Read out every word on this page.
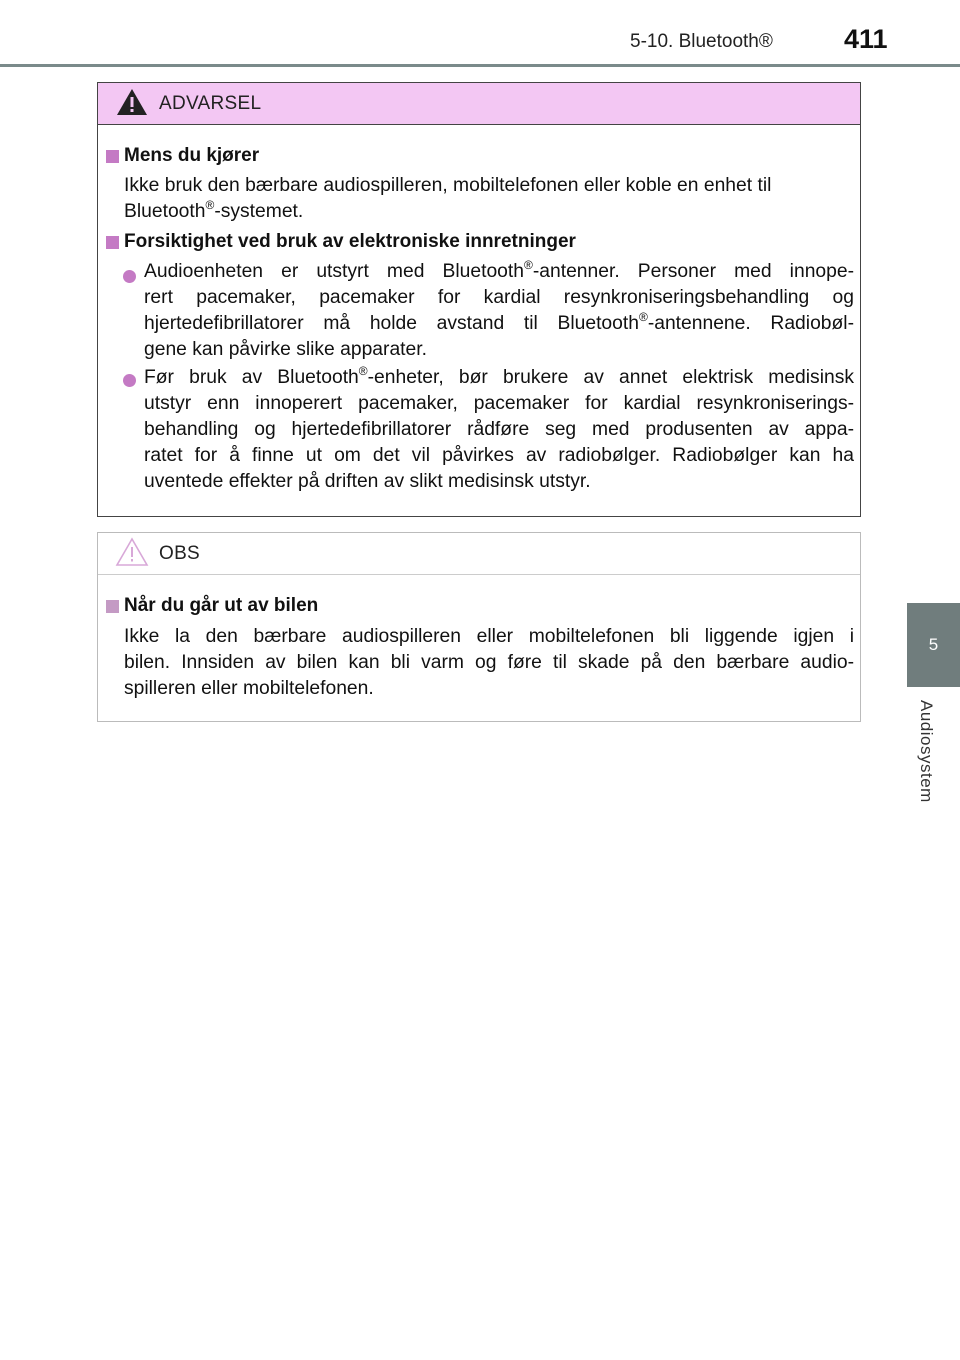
5-10. Bluetooth®	411
5
Audiosystem
ADVARSEL
Mens du kjører
Ikke bruk den bærbare audiospilleren, mobiltelefonen eller koble en enhet til
Bluetooth®-systemet.
Forsiktighet ved bruk av elektroniske innretninger
Audioenheten er utstyrt med Bluetooth®-antenner. Personer med innope-
rert pacemaker, pacemaker for kardial resynkroniseringsbehandling og
hjertedefibrillatorer må holde avstand til Bluetooth®-antennene. Radiobøl-
gene kan påvirke slike apparater.
Før bruk av Bluetooth®-enheter, bør brukere av annet elektrisk medisinsk
utstyr enn innoperert pacemaker, pacemaker for kardial resynkroniserings-
behandling og hjertedefibrillatorer rådføre seg med produsenten av appa-
ratet for å finne ut om det vil påvirkes av radiobølger. Radiobølger kan ha
uventede effekter på driften av slikt medisinsk utstyr.
OBS
Når du går ut av bilen
Ikke la den bærbare audiospilleren eller mobiltelefonen bli liggende igjen i
bilen. Innsiden av bilen kan bli varm og føre til skade på den bærbare audio-
spilleren eller mobiltelefonen.
